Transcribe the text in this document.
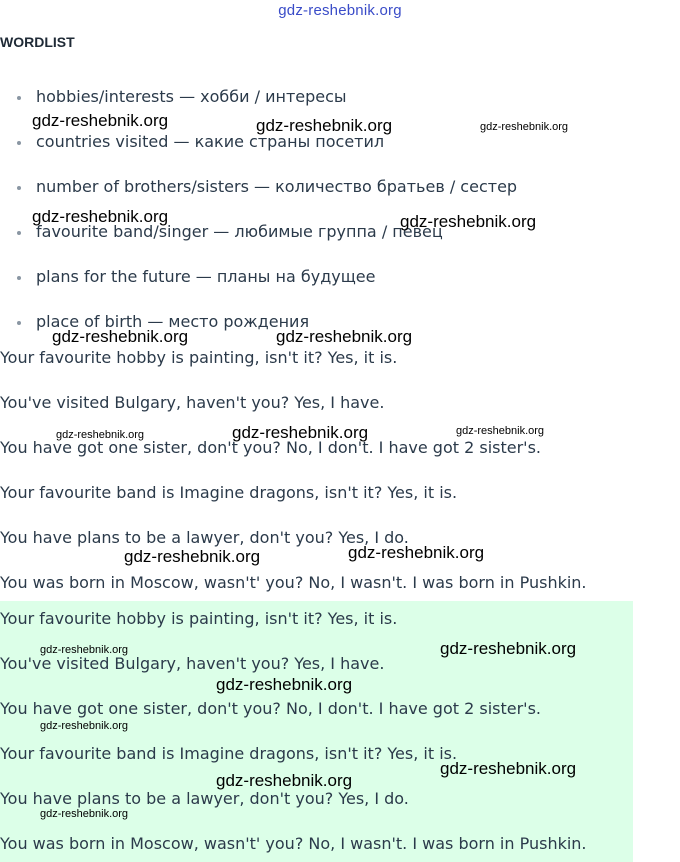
gdz-reshebnik.org
WORDLIST
hobbies/interests — хобби / интересы
countries visited — какие страны посетил
number of brothers/sisters — количество братьев / сестер
favourite band/singer — любимые группа / певец
plans for the future — планы на будущее
place of birth — место рождения
Your favourite hobby is painting, isn't it? Yes, it is.
You've visited Bulgary, haven't you? Yes, I have.
You have got one sister, don't you? No, I don't. I have got 2 sister's.
Your favourite band is Imagine dragons, isn't it? Yes, it is.
You have plans to be a lawyer, don't you? Yes, I do.
You was born in Moscow, wasn't' you? No, I wasn't. I was born in Pushkin.
Your favourite hobby is painting, isn't it? Yes, it is.
You've visited Bulgary, haven't you? Yes, I have.
You have got one sister, don't you? No, I don't. I have got 2 sister's.
Your favourite band is Imagine dragons, isn't it? Yes, it is.
You have plans to be a lawyer, don't you? Yes, I do.
You was born in Moscow, wasn't' you? No, I wasn't. I was born in Pushkin.
gdz-reshebnik.org	gdz-reshebnik.org	gdz-reshebnik.org
gdz-reshebnik.org	gdz-reshebnik.org
gdz-reshebnik.org	gdz-reshebnik.org
gdz-reshebnik.org	gdz-reshebnik.org	gdz-reshebnik.org
gdz-reshebnik.org	gdz-reshebnik.org
gdz-reshebnik.org	gdz-reshebnik.org
gdz-reshebnik.org
gdz-reshebnik.org
gdz-reshebnik.org
gdz-reshebnik.org
gdz-reshebnik.org
